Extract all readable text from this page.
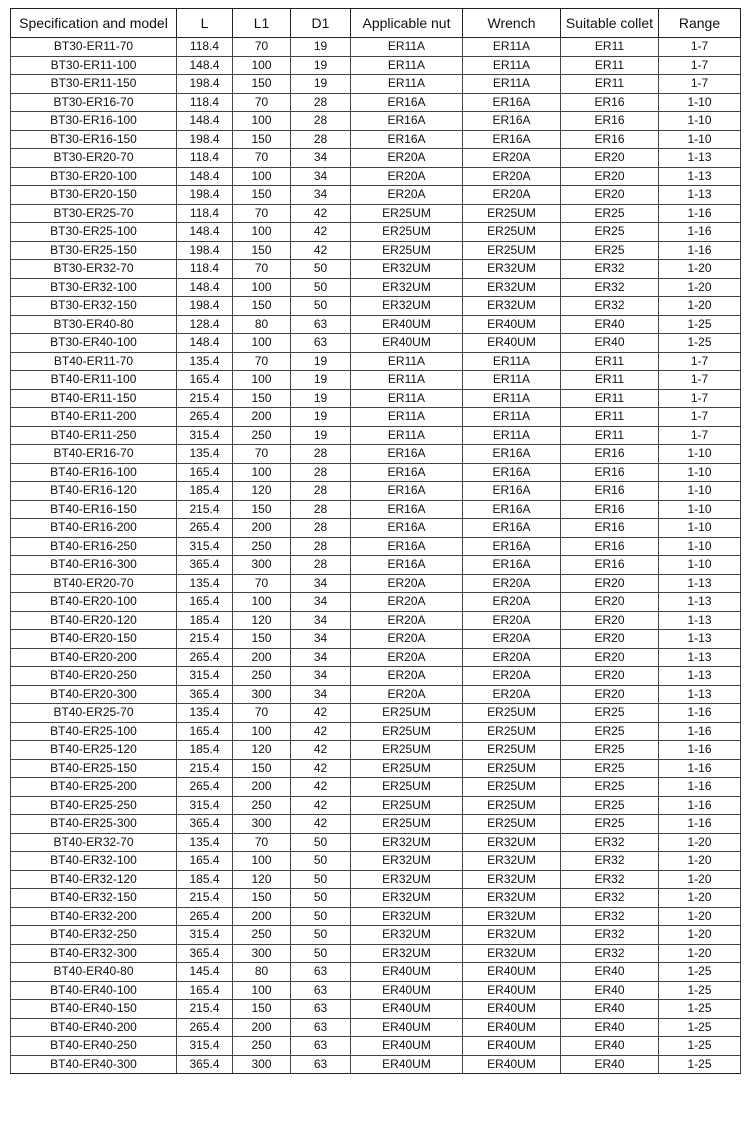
Specification and model	L	L1	D1	Applicable nut	Wrench	Suitable collet	Range
BT30-ER11-70	118.4	70	19	ER11A	ER11A	ER11	1-7
BT30-ER11-100	148.4	100	19	ER11A	ER11A	ER11	1-7
BT30-ER11-150	198.4	150	19	ER11A	ER11A	ER11	1-7
BT30-ER16-70	118.4	70	28	ER16A	ER16A	ER16	1-10
BT30-ER16-100	148.4	100	28	ER16A	ER16A	ER16	1-10
BT30-ER16-150	198.4	150	28	ER16A	ER16A	ER16	1-10
BT30-ER20-70	118.4	70	34	ER20A	ER20A	ER20	1-13
BT30-ER20-100	148.4	100	34	ER20A	ER20A	ER20	1-13
BT30-ER20-150	198.4	150	34	ER20A	ER20A	ER20	1-13
BT30-ER25-70	118.4	70	42	ER25UM	ER25UM	ER25	1-16
BT30-ER25-100	148.4	100	42	ER25UM	ER25UM	ER25	1-16
BT30-ER25-150	198.4	150	42	ER25UM	ER25UM	ER25	1-16
BT30-ER32-70	118.4	70	50	ER32UM	ER32UM	ER32	1-20
BT30-ER32-100	148.4	100	50	ER32UM	ER32UM	ER32	1-20
BT30-ER32-150	198.4	150	50	ER32UM	ER32UM	ER32	1-20
BT30-ER40-80	128.4	80	63	ER40UM	ER40UM	ER40	1-25
BT30-ER40-100	148.4	100	63	ER40UM	ER40UM	ER40	1-25
BT40-ER11-70	135.4	70	19	ER11A	ER11A	ER11	1-7
BT40-ER11-100	165.4	100	19	ER11A	ER11A	ER11	1-7
BT40-ER11-150	215.4	150	19	ER11A	ER11A	ER11	1-7
BT40-ER11-200	265.4	200	19	ER11A	ER11A	ER11	1-7
BT40-ER11-250	315.4	250	19	ER11A	ER11A	ER11	1-7
BT40-ER16-70	135.4	70	28	ER16A	ER16A	ER16	1-10
BT40-ER16-100	165.4	100	28	ER16A	ER16A	ER16	1-10
BT40-ER16-120	185.4	120	28	ER16A	ER16A	ER16	1-10
BT40-ER16-150	215.4	150	28	ER16A	ER16A	ER16	1-10
BT40-ER16-200	265.4	200	28	ER16A	ER16A	ER16	1-10
BT40-ER16-250	315.4	250	28	ER16A	ER16A	ER16	1-10
BT40-ER16-300	365.4	300	28	ER16A	ER16A	ER16	1-10
BT40-ER20-70	135.4	70	34	ER20A	ER20A	ER20	1-13
BT40-ER20-100	165.4	100	34	ER20A	ER20A	ER20	1-13
BT40-ER20-120	185.4	120	34	ER20A	ER20A	ER20	1-13
BT40-ER20-150	215.4	150	34	ER20A	ER20A	ER20	1-13
BT40-ER20-200	265.4	200	34	ER20A	ER20A	ER20	1-13
BT40-ER20-250	315.4	250	34	ER20A	ER20A	ER20	1-13
BT40-ER20-300	365.4	300	34	ER20A	ER20A	ER20	1-13
BT40-ER25-70	135.4	70	42	ER25UM	ER25UM	ER25	1-16
BT40-ER25-100	165.4	100	42	ER25UM	ER25UM	ER25	1-16
BT40-ER25-120	185.4	120	42	ER25UM	ER25UM	ER25	1-16
BT40-ER25-150	215.4	150	42	ER25UM	ER25UM	ER25	1-16
BT40-ER25-200	265.4	200	42	ER25UM	ER25UM	ER25	1-16
BT40-ER25-250	315.4	250	42	ER25UM	ER25UM	ER25	1-16
BT40-ER25-300	365.4	300	42	ER25UM	ER25UM	ER25	1-16
BT40-ER32-70	135.4	70	50	ER32UM	ER32UM	ER32	1-20
BT40-ER32-100	165.4	100	50	ER32UM	ER32UM	ER32	1-20
BT40-ER32-120	185.4	120	50	ER32UM	ER32UM	ER32	1-20
BT40-ER32-150	215.4	150	50	ER32UM	ER32UM	ER32	1-20
BT40-ER32-200	265.4	200	50	ER32UM	ER32UM	ER32	1-20
BT40-ER32-250	315.4	250	50	ER32UM	ER32UM	ER32	1-20
BT40-ER32-300	365.4	300	50	ER32UM	ER32UM	ER32	1-20
BT40-ER40-80	145.4	80	63	ER40UM	ER40UM	ER40	1-25
BT40-ER40-100	165.4	100	63	ER40UM	ER40UM	ER40	1-25
BT40-ER40-150	215.4	150	63	ER40UM	ER40UM	ER40	1-25
BT40-ER40-200	265.4	200	63	ER40UM	ER40UM	ER40	1-25
BT40-ER40-250	315.4	250	63	ER40UM	ER40UM	ER40	1-25
BT40-ER40-300	365.4	300	63	ER40UM	ER40UM	ER40	1-25
